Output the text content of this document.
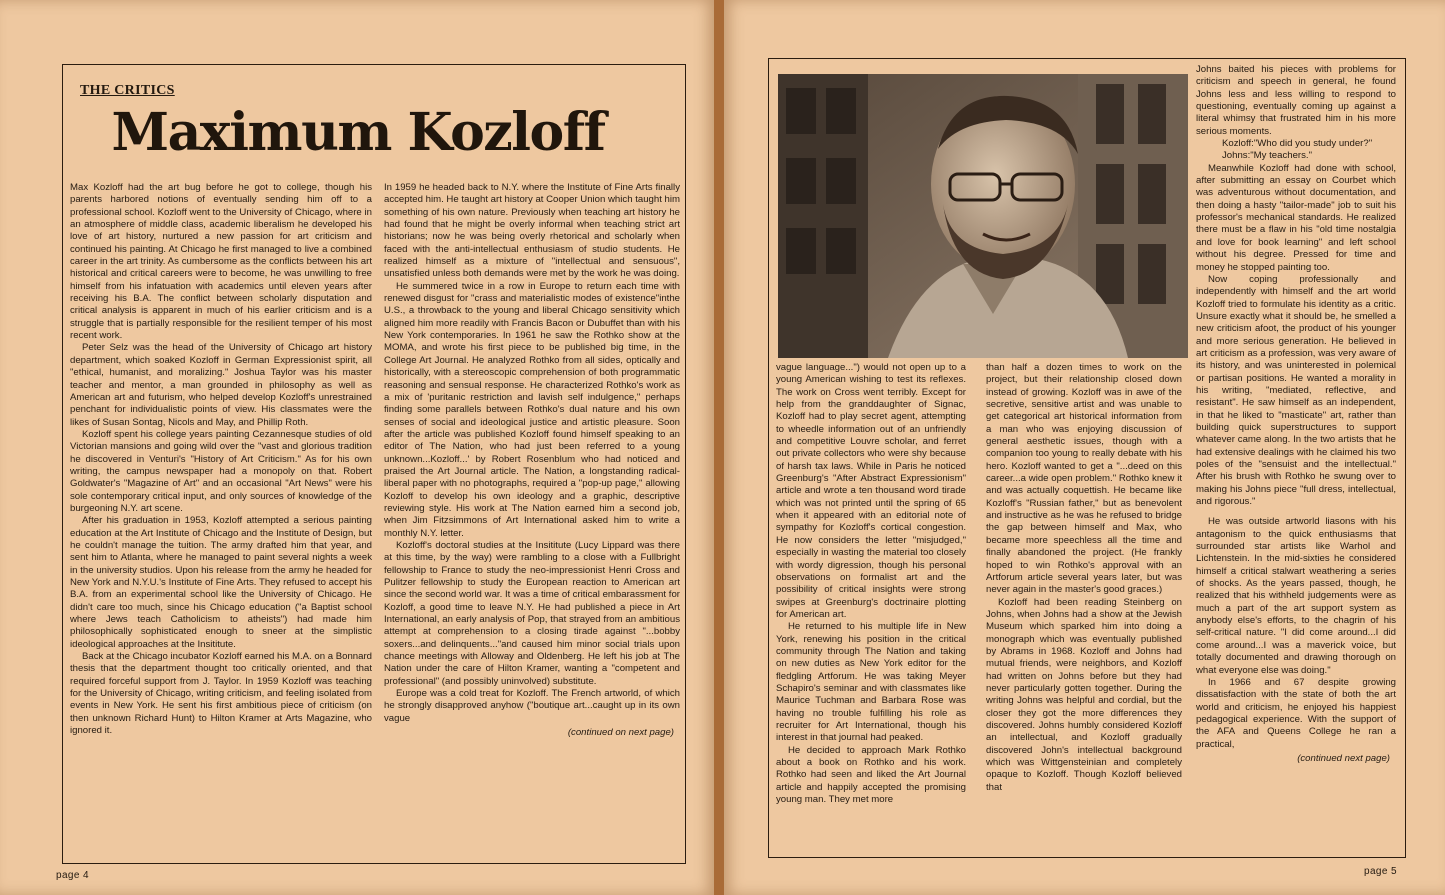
THE CRITICS
Maximum Kozloff

Max Kozloff had the art bug before he got to college, though his parents harbored notions of eventually sending him off to a professional school. Kozloff went to the University of Chicago, where in an atmosphere of middle class, academic liberalism he developed his love of art history, nurtured a new passion for art criticism and continued his painting. At Chicago he first managed to live a combined career in the art trinity. As cumbersome as the conflicts between his art historical and critical careers were to become, he was unwilling to free himself from his infatuation with academics until eleven years after receiving his B.A. The conflict between scholarly disputation and critical analysis is apparent in much of his earlier criticism and is a struggle that is partially responsible for the resilient temper of his most recent work.

Peter Selz was the head of the University of Chicago art history department, which soaked Kozloff in German Expressionist spirit, all "ethical, humanist, and moralizing." Joshua Taylor was his master teacher and mentor, a man grounded in philosophy as well as American art and futurism, who helped develop Kozloff's unrestrained penchant for individualistic points of view. His classmates were the likes of Susan Sontag, Nicols and May, and Phillip Roth.

Kozloff spent his college years painting Cezannesque studies of old Victorian mansions and going wild over the "vast and glorious tradition he discovered in Venturi's "History of Art Criticism." As for his own writing, the campus newspaper had a monopoly on that. Robert Goldwater's "Magazine of Art" and an occasional "Art News" were his sole contemporary critical input, and only sources of knowledge of the burgeoning N.Y. art scene.

After his graduation in 1953, Kozloff attempted a serious painting education at the Art Institute of Chicago and the Institute of Design, but he couldn't manage the tuition. The army drafted him that year, and sent him to Atlanta, where he managed to paint several nights a week in the university studios. Upon his release from the army he headed for New York and N.Y.U.'s Institute of Fine Arts. They refused to accept his B.A. from an experimental school like the University of Chicago. He didn't care too much, since his Chicago education ("a Baptist school where Jews teach Catholicism to atheists") had made him philosophically sophisticated enough to sneer at the simplistic ideological approaches at the Insititute.

Back at the Chicago incubator Kozloff earned his M.A. on a Bonnard thesis that the department thought too critically oriented, and that required forceful support from J. Taylor. In 1959 Kozloff was teaching for the University of Chicago, writing criticism, and feeling isolated from events in New York. He sent his first ambitious piece of criticism (on then unknown Richard Hunt) to Hilton Kramer at Arts Magazine, who ignored it.

In 1959 he headed back to N.Y. where the Institute of Fine Arts finally accepted him. He taught art history at Cooper Union which taught him something of his own nature. Previously when teaching art history he had found that he might be overly informal when teaching strict art historians; now he was being overly rhetorical and scholarly when faced with the anti-intellectual enthusiasm of studio students. He realized himself as a mixture of "intellectual and sensuous", unsatisfied unless both demands were met by the work he was doing.

He summered twice in a row in Europe to return each time with renewed disgust for "crass and materialistic modes of existence"inthe U.S., a throwback to the young and liberal Chicago sensitivity which aligned him more readily with Francis Bacon or Dubuffet than with his New York contemporaries. In 1961 he saw the Rothko show at the MOMA, and wrote his first piece to be published big time, in the College Art Journal. He analyzed Rothko from all sides, optically and historically, with a stereoscopic comprehension of both programmatic reasoning and sensual response. He characterized Rothko's work as a mix of 'puritanic restriction and lavish self indulgence," perhaps finding some parallels between Rothko's dual nature and his own senses of social and ideological justice and artistic pleasure. Soon after the article was published Kozloff found himself speaking to an editor of The Nation, who had just been referred to a young unknown...Kozloff...' by Robert Rosenblum who had noticed and praised the Art Journal article. The Nation, a longstanding radical-liberal paper with no photographs, required a "pop-up page," allowing Kozloff to develop his own ideology and a graphic, descriptive reviewing style. His work at The Nation earned him a second job, when Jim Fitzsimmons of Art International asked him to write a monthly N.Y. letter.

Kozloff's doctoral studies at the Insititute (Lucy Lippard was there at this time, by the way) were rambling to a close with a Fullbright fellowship to France to study the neo-impressionist Henri Cross and Pulitzer fellowship to study the European reaction to American art since the second world war. It was a time of critical embarassment for Kozloff, a good time to leave N.Y. He had published a piece in Art International, an early analysis of Pop, that strayed from an ambitious attempt at comprehension to a closing tirade against "...bobby soxers...and delinquents..."and caused him minor social trials upon chance meetings with Alloway and Oldenberg. He left his job at The Nation under the care of Hilton Kramer, wanting a "competent and professional" (and possibly uninvolved) substitute.

Europe was a cold treat for Kozloff. The French artworld, of which he strongly disapproved anyhow ("boutique art...caught up in its own vague

(continued on next page)

vague language...") would not open up to a young American wishing to test its reflexes. The work on Cross went terribly. Except for help from the granddaughter of Signac, Kozloff had to play secret agent, attempting to wheedle information out of an unfriendly and competitive Louvre scholar, and ferret out private collectors who were shy because of harsh tax laws. While in Paris he noticed Greenburg's "After Abstract Expressionism" article and wrote a ten thousand word tirade which was not printed until the spring of 65 when it appeared with an editorial note of sympathy for Kozloff's cortical congestion. He now considers the letter "misjudged," especially in wasting the material too closely with wordy digression, though his personal observations on formalist art and the possibility of critical insights were strong swipes at Greenburg's doctrinaire plotting for American art.

He returned to his multiple life in New York, renewing his position in the critical community through The Nation and taking on new duties as New York editor for the fledgling Artforum. He was taking Meyer Schapiro's seminar and with classmates like Maurice Tuchman and Barbara Rose was having no trouble fulfilling his role as recruiter for Art International, though his interest in that journal had peaked.

He decided to approach Mark Rothko about a book on Rothko and his work. Rothko had seen and liked the Art Journal article and happily accepted the promising young man. They met more

than half a dozen times to work on the project, but their relationship closed down instead of growing. Kozloff was in awe of the secretive, sensitive artist and was unable to get categorical art historical information from a man who was enjoying discussion of general aesthetic issues, though with a companion too young to really debate with his hero. Kozloff wanted to get a "...deed on this career...a wide open problem." Rothko knew it and was actually coquettish. He became like Kozloff's "Russian father," but as benevolent and instructive as he was he refused to bridge the gap between himself and Max, who became more speechless all the time and finally abandoned the project. (He frankly hoped to win Rothko's approval with an Artforum article several years later, but was never again in the master's good graces.)

Kozloff had been reading Steinberg on Johns, when Johns had a show at the Jewish Museum which sparked him into doing a monograph which was eventually published by Abrams in 1968. Kozloff and Johns had mutual friends, were neighbors, and Kozloff had written on Johns before but they had never particularly gotten together. During the writing Johns was helpful and cordial, but the closer they got the more differences they discovered. Johns humbly considered Kozloff an intellectual, and Kozloff gradually discovered John's intellectual background which was Wittgensteinian and completely opaque to Kozloff. Though Kozloff believed that

Johns baited his pieces with problems for criticism and speech in general, he found Johns less and less willing to respond to questioning, eventually coming up against a literal whimsy that frustrated him in his more serious moments.

Kozloff:"Who did you study under?"

Johns:"My teachers."

Meanwhile Kozloff had done with school, after submitting an essay on Courbet which was adventurous without documentation, and then doing a hasty "tailor-made" job to suit his professor's mechanical standards. He realized there must be a flaw in his "old time nostalgia and love for book learning" and left school without his degree. Pressed for time and money he stopped painting too.

Now coping professionally and independently with himself and the art world Kozloff tried to formulate his identity as a critic. Unsure exactly what it should be, he smelled a new criticism afoot, the product of his younger and more serious generation. He believed in art criticism as a profession, was very aware of its history, and was uninterested in polemical or partisan positions. He wanted a morality in his writing, "mediated, reflective, and resistant". He saw himself as an independent, in that he liked to "masticate" art, rather than building quick superstructures to support whatever came along. In the two artists that he had extensive dealings with he claimed his two poles of the "sensuist and the intellectual." After his brush with Rothko he swung over to making his Johns piece "full dress, intellectual, and rigorous."

He was outside artworld liasons with his antagonism to the quick enthusiasms that surrounded star artists like Warhol and Lichtenstein. In the mid-sixties he considered himself a critical stalwart weathering a series of shocks. As the years passed, though, he realized that his withheld judgements were as much a part of the art support system as anybody else's efforts, to the chagrin of his self-critical nature. "I did come around...I did come around...I was a maverick voice, but totally documented and drawing thorough on what everyone else was doing."

In 1966 and 67 despite growing dissatisfaction with the state of both the art world and criticism, he enjoyed his happiest pedagogical experience. With the support of the AFA and Queens College he ran a practical,

(continued next page)
page 4	page 5
